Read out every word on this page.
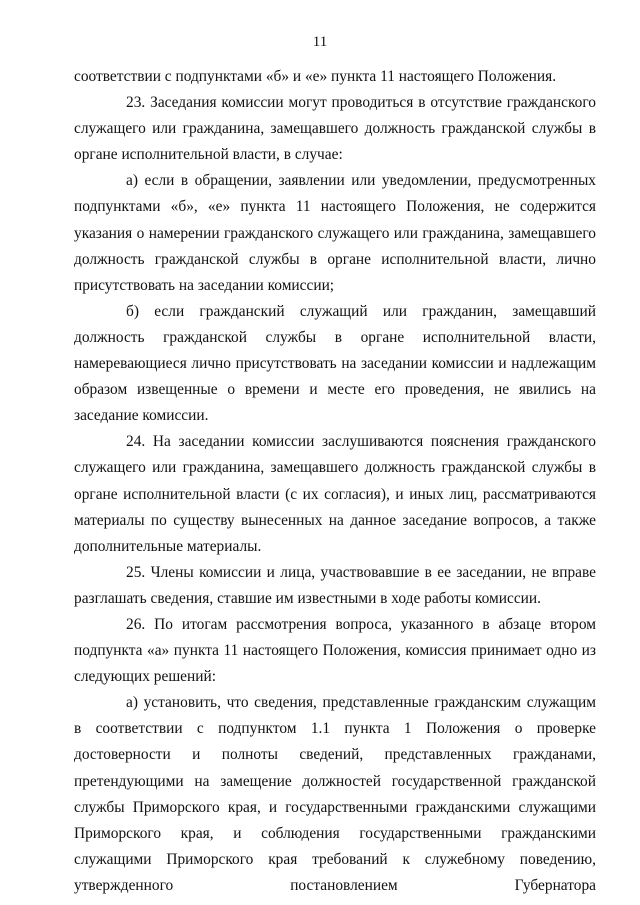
11

соответствии с подпунктами «б» и «е» пункта 11 настоящего Положения.

23. Заседания комиссии могут проводиться в отсутствие гражданского служащего или гражданина, замещавшего должность гражданской службы в органе исполнительной власти, в случае:

а) если в обращении, заявлении или уведомлении, предусмотренных подпунктами «б», «е» пункта 11 настоящего Положения, не содержится указания о намерении гражданского служащего или гражданина, замещавшего должность гражданской службы в органе исполнительной власти, лично присутствовать на заседании комиссии;

б) если гражданский служащий или гражданин, замещавший должность гражданской службы в органе исполнительной власти, намеревающиеся лично присутствовать на заседании комиссии и надлежащим образом извещенные о времени и месте его проведения, не явились на заседание комиссии.

24. На заседании комиссии заслушиваются пояснения гражданского служащего или гражданина, замещавшего должность гражданской службы в органе исполнительной власти (с их согласия), и иных лиц, рассматриваются материалы по существу вынесенных на данное заседание вопросов, а также дополнительные материалы.

25. Члены комиссии и лица, участвовавшие в ее заседании, не вправе разглашать сведения, ставшие им известными в ходе работы комиссии.

26. По итогам рассмотрения вопроса, указанного в абзаце втором подпункта «а» пункта 11 настоящего Положения, комиссия принимает одно из следующих решений:

а) установить, что сведения, представленные гражданским служащим в соответствии с подпунктом 1.1 пункта 1 Положения о проверке достоверности и полноты сведений, представленных гражданами, претендующими на замещение должностей государственной гражданской службы Приморского края, и государственными гражданскими служащими Приморского края, и соблюдения государственными гражданскими служащими Приморского края требований к служебному поведению, утвержденного постановлением Губернатора
